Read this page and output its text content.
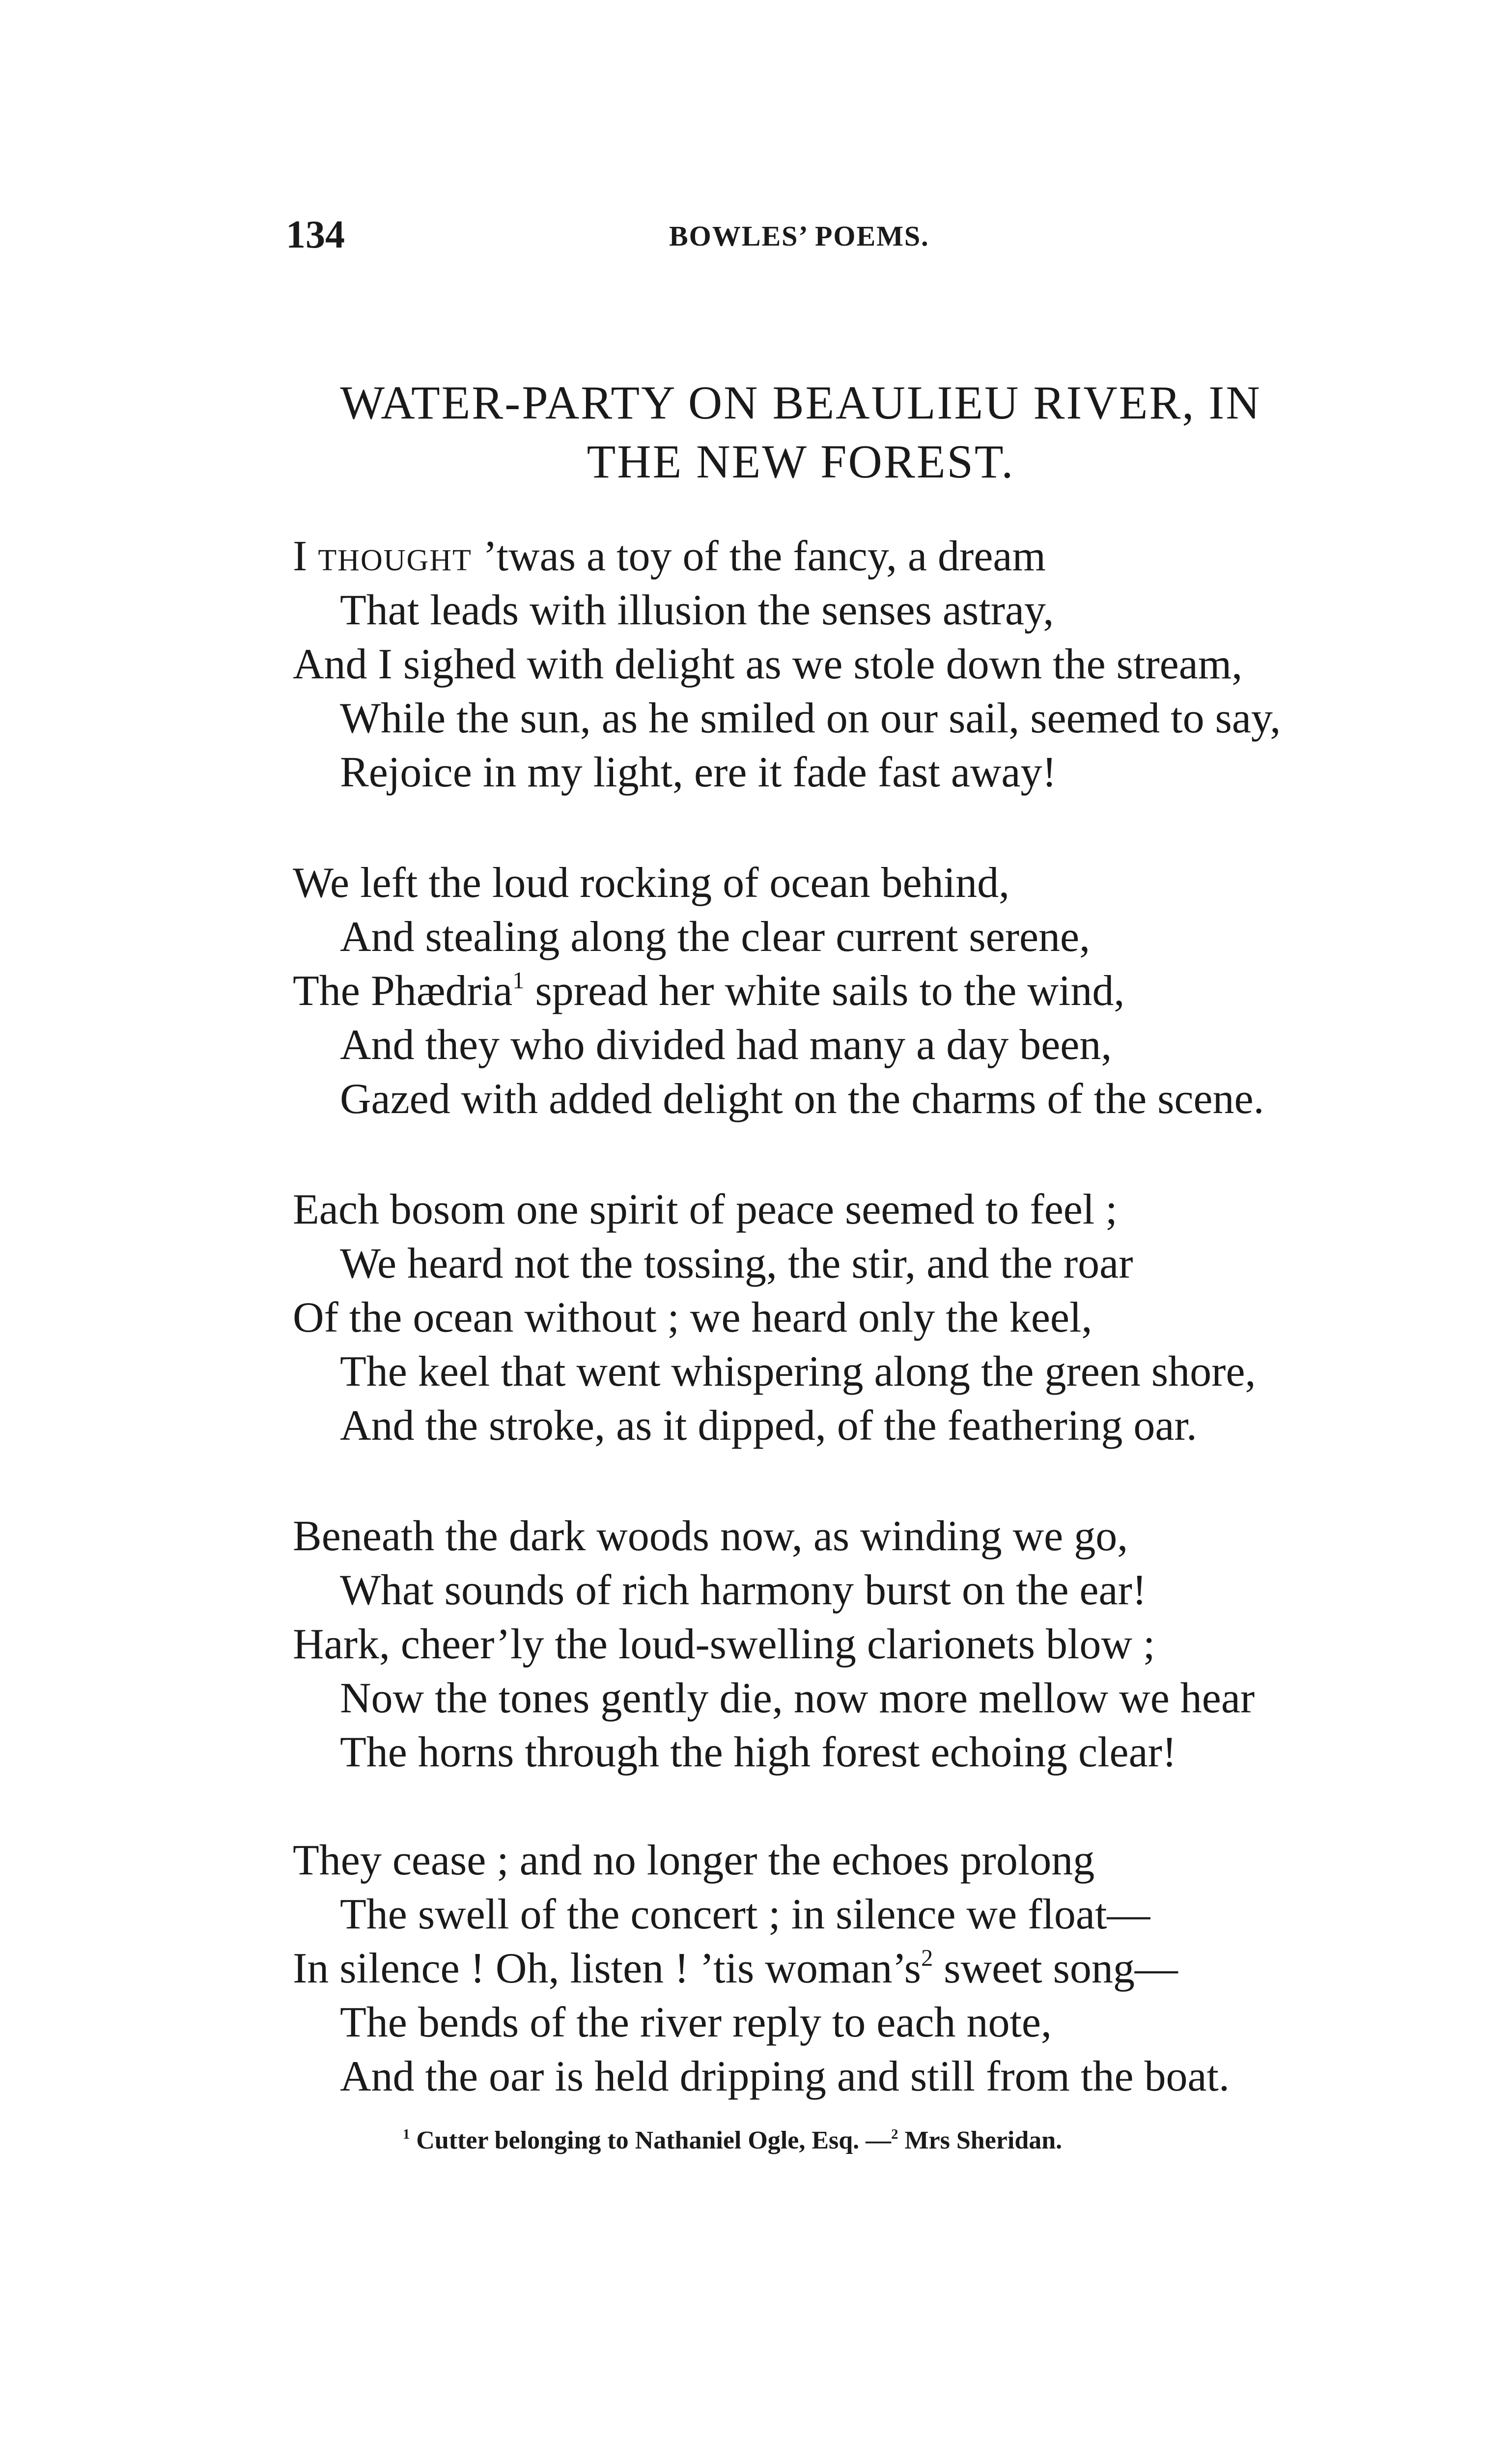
134	BOWLES’ POEMS.
WATER-PARTY ON BEAULIEU RIVER, IN
THE NEW FOREST.
I thought ’twas a toy of the fancy, a dream
That leads with illusion the senses astray,
And I sighed with delight as we stole down the stream,
While the sun, as he smiled on our sail, seemed to say,
Rejoice in my light, ere it fade fast away!
We left the loud rocking of ocean behind,
And stealing along the clear current serene,
The Phædria$^1$ spread her white sails to the wind,
And they who divided had many a day been,
Gazed with added delight on the charms of the scene.
Each bosom one spirit of peace seemed to feel ;
We heard not the tossing, the stir, and the roar
Of the ocean without ; we heard only the keel,
The keel that went whispering along the green shore,
And the stroke, as it dipped, of the feathering oar.
Beneath the dark woods now, as winding we go,
What sounds of rich harmony burst on the ear!
Hark, cheer’ly the loud-swelling clarionets blow ;
Now the tones gently die, now more mellow we hear
The horns through the high forest echoing clear!
They cease ; and no longer the echoes prolong
The swell of the concert ; in silence we float—
In silence ! Oh, listen ! ’tis $woman’s^2$ sweet song—
The bends of the river reply to each note,
And the oar is held dripping and still from the boat.
$^1$ Cutter belonging to Nathaniel Ogle, Esq. —$^2$ Mrs Sheridan.
